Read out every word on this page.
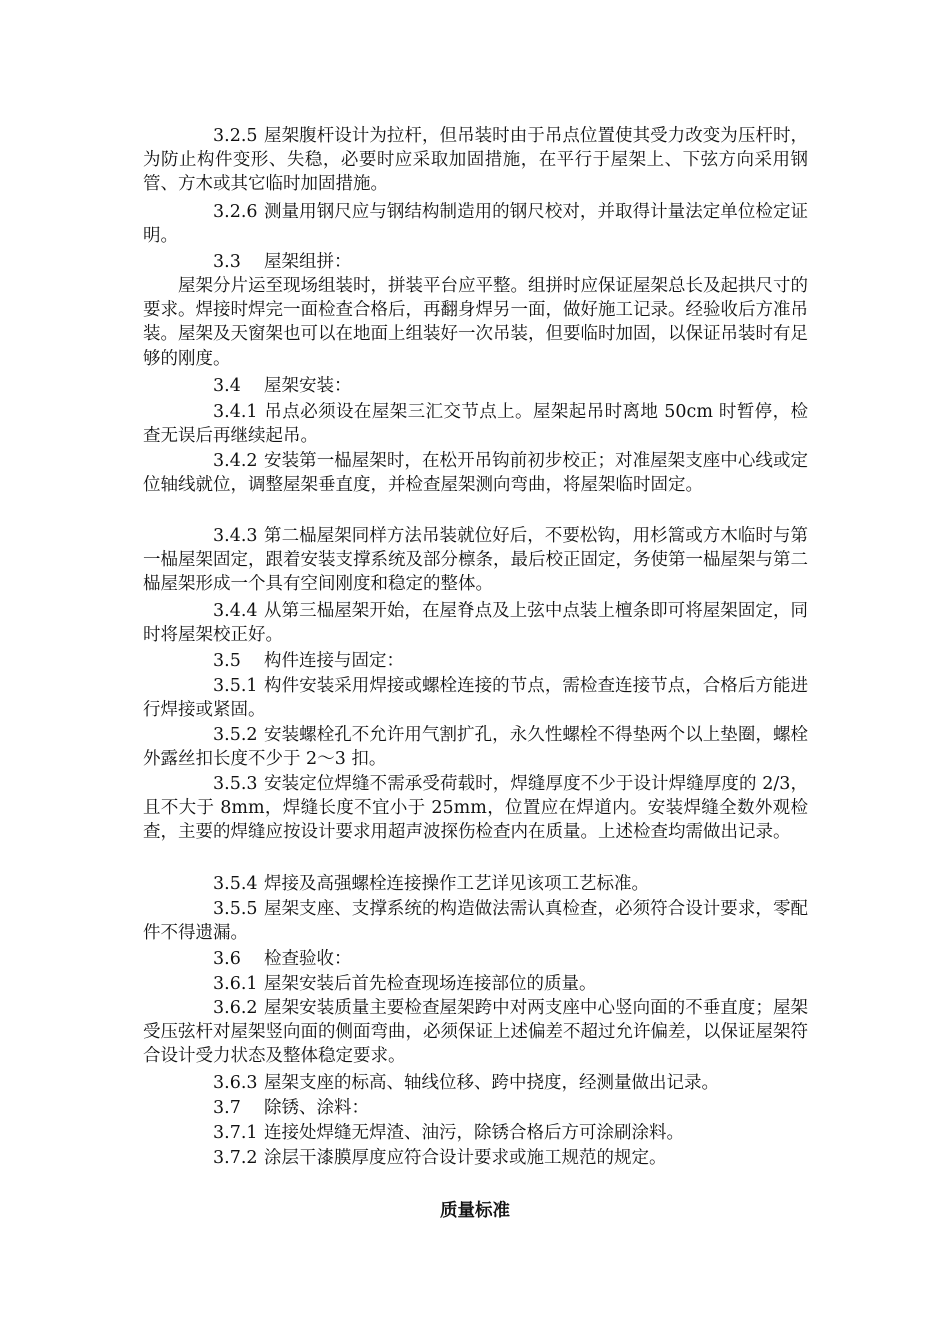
3.2.5 屋架腹杆设计为拉杆，但吊装时由于吊点位置使其受力改变为压杆时，为防止构件变形、失稳，必要时应采取加固措施，在平行于屋架上、下弦方向采用钢管、方木或其它临时加固措施。

3.2.6 测量用钢尺应与钢结构制造用的钢尺校对，并取得计量法定单位检定证明。

3.3 屋架组拼：

屋架分片运至现场组装时，拼装平台应平整。组拼时应保证屋架总长及起拱尺寸的要求。焊接时焊完一面检查合格后，再翻身焊另一面，做好施工记录。经验收后方准吊装。屋架及天窗架也可以在地面上组装好一次吊装，但要临时加固，以保证吊装时有足够的刚度。

3.4 屋架安装：

3.4.1 吊点必须设在屋架三汇交节点上。屋架起吊时离地 50cm 时暂停，检查无误后再继续起吊。

3.4.2 安装第一榀屋架时，在松开吊钩前初步校正；对准屋架支座中心线或定位轴线就位，调整屋架垂直度，并检查屋架测向弯曲，将屋架临时固定。

3.4.3 第二榀屋架同样方法吊装就位好后，不要松钩，用杉篙或方木临时与第一榀屋架固定，跟着安装支撑系统及部分檩条，最后校正固定，务使第一榀屋架与第二榀屋架形成一个具有空间刚度和稳定的整体。

3.4.4 从第三榀屋架开始，在屋脊点及上弦中点装上檀条即可将屋架固定，同时将屋架校正好。

3.5 构件连接与固定：

3.5.1 构件安装采用焊接或螺栓连接的节点，需检查连接节点，合格后方能进行焊接或紧固。

3.5.2 安装螺栓孔不允许用气割扩孔，永久性螺栓不得垫两个以上垫圈，螺栓外露丝扣长度不少于 2～3 扣。

3.5.3 安装定位焊缝不需承受荷载时，焊缝厚度不少于设计焊缝厚度的 2/3，且不大于 8mm，焊缝长度不宜小于 25mm，位置应在焊道内。安装焊缝全数外观检查，主要的焊缝应按设计要求用超声波探伤检查内在质量。上述检查均需做出记录。

3.5.4 焊接及高强螺栓连接操作工艺详见该项工艺标准。

3.5.5 屋架支座、支撑系统的构造做法需认真检查，必须符合设计要求，零配件不得遗漏。

3.6 检查验收：

3.6.1 屋架安装后首先检查现场连接部位的质量。

3.6.2 屋架安装质量主要检查屋架跨中对两支座中心竖向面的不垂直度；屋架受压弦杆对屋架竖向面的侧面弯曲，必须保证上述偏差不超过允许偏差，以保证屋架符合设计受力状态及整体稳定要求。

3.6.3 屋架支座的标高、轴线位移、跨中挠度，经测量做出记录。

3.7 除锈、涂料：

3.7.1 连接处焊缝无焊渣、油污，除锈合格后方可涂刷涂料。

3.7.2 涂层干漆膜厚度应符合设计要求或施工规范的规定。

质量标准
